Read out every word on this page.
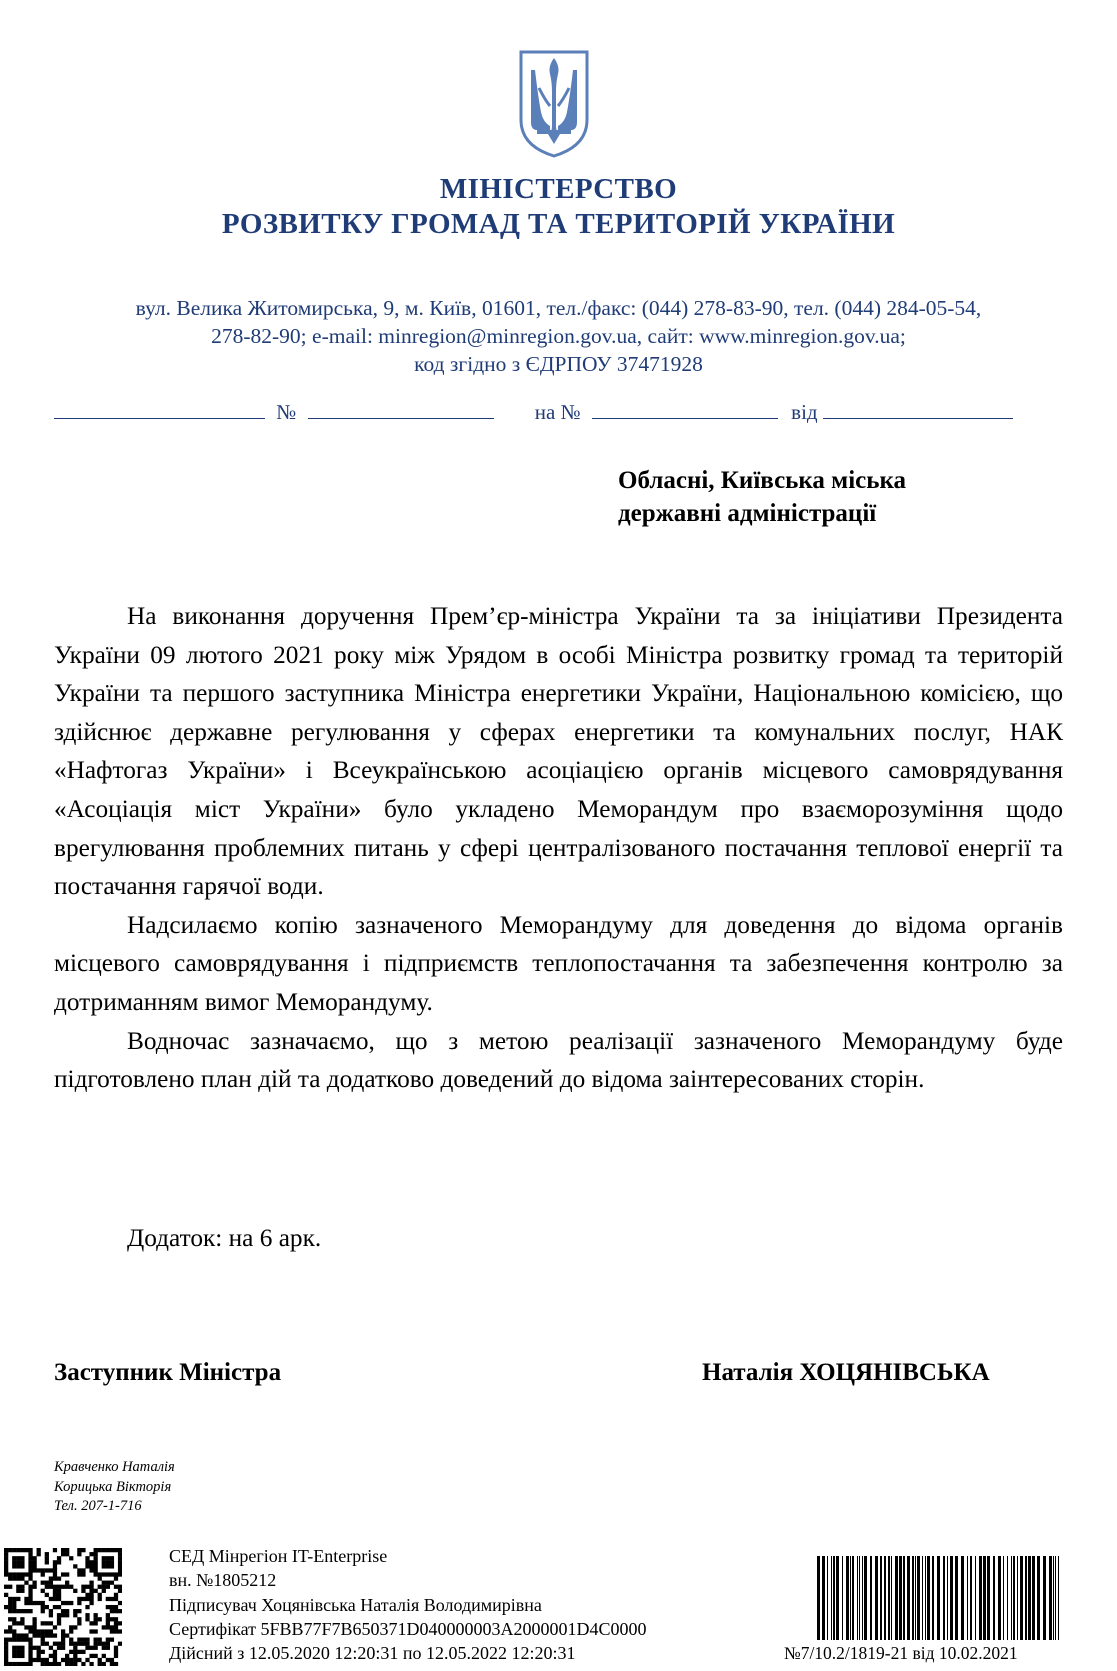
МІНІСТЕРСТВО
РОЗВИТКУ ГРОМАД ТА ТЕРИТОРІЙ УКРАЇНИ
вул. Велика Житомирська, 9, м. Київ, 01601, тел./факс: (044) 278-83-90, тел. (044) 284-05-54,
278-82-90; e-mail: minregion@minregion.gov.ua, сайт: www.minregion.gov.ua;
код згідно з ЄДРПОУ 37471928
№	на №	від
Обласні, Київська міська
державні адміністрації

На виконання доручення Прем’єр-міністра України та за ініціативи Президента України 09 лютого 2021 року між Урядом в особі Міністра розвитку громад та територій України та першого заступника Міністра енергетики України, Національною комісією, що здійснює державне регулювання у сферах енергетики та комунальних послуг, НАК «Нафтогаз України» і Всеукраїнською асоціацією органів місцевого самоврядування «Асоціація міст України» було укладено Меморандум про взаєморозуміння щодо врегулювання проблемних питань у сфері централізованого постачання теплової енергії та постачання гарячої води.

Надсилаємо копію зазначеного Меморандуму для доведення до відома органів місцевого самоврядування і підприємств теплопостачання та забезпечення контролю за дотриманням вимог Меморандуму.

Водночас зазначаємо, що з метою реалізації зазначеного Меморандуму буде підготовлено план дій та додатково доведений до відома заінтересованих сторін.

Додаток: на 6 арк.
Заступник Міністра	Наталія ХОЦЯНІВСЬКА
Кравченко Наталія
Корицька Вікторія
Тел. 207-1-716
СЕД Мінрегіон IT-Enterprise
вн. №1805212
Підписувач Хоцянівська Наталія Володимирівна
Сертифікат 5FBB77F7B650371D040000003A2000001D4C0000
Дійсний з 12.05.2020 12:20:31 по 12.05.2022 12:20:31	№7/10.2/1819-21 від 10.02.2021
